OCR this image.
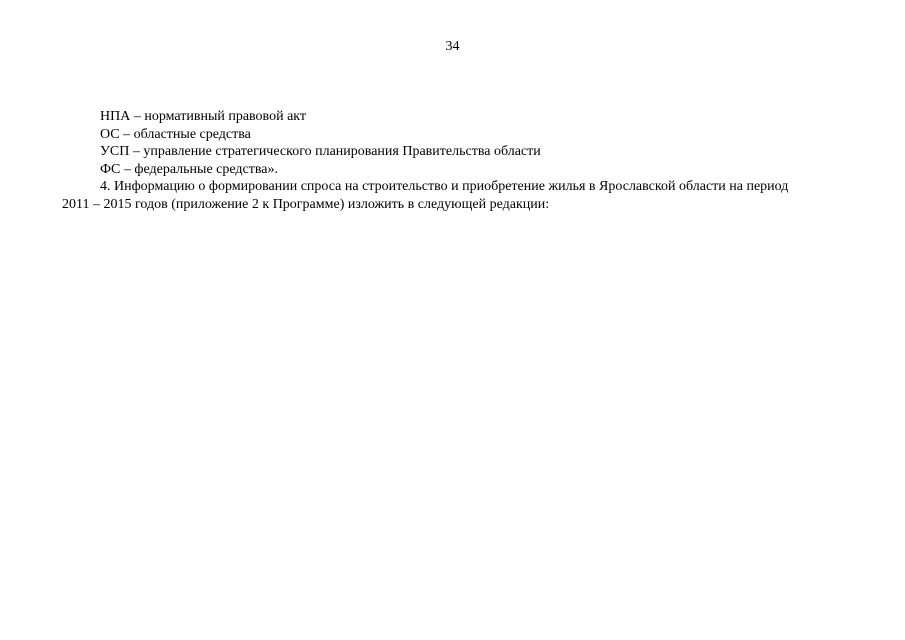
34
НПА – нормативный правовой акт
ОС – областные средства
УСП – управление стратегического планирования Правительства области
ФС – федеральные средства».
4. Информацию о формировании спроса на строительство и приобретение жилья в Ярославской области на период
2011 – 2015 годов (приложение 2 к Программе) изложить в следующей редакции:
